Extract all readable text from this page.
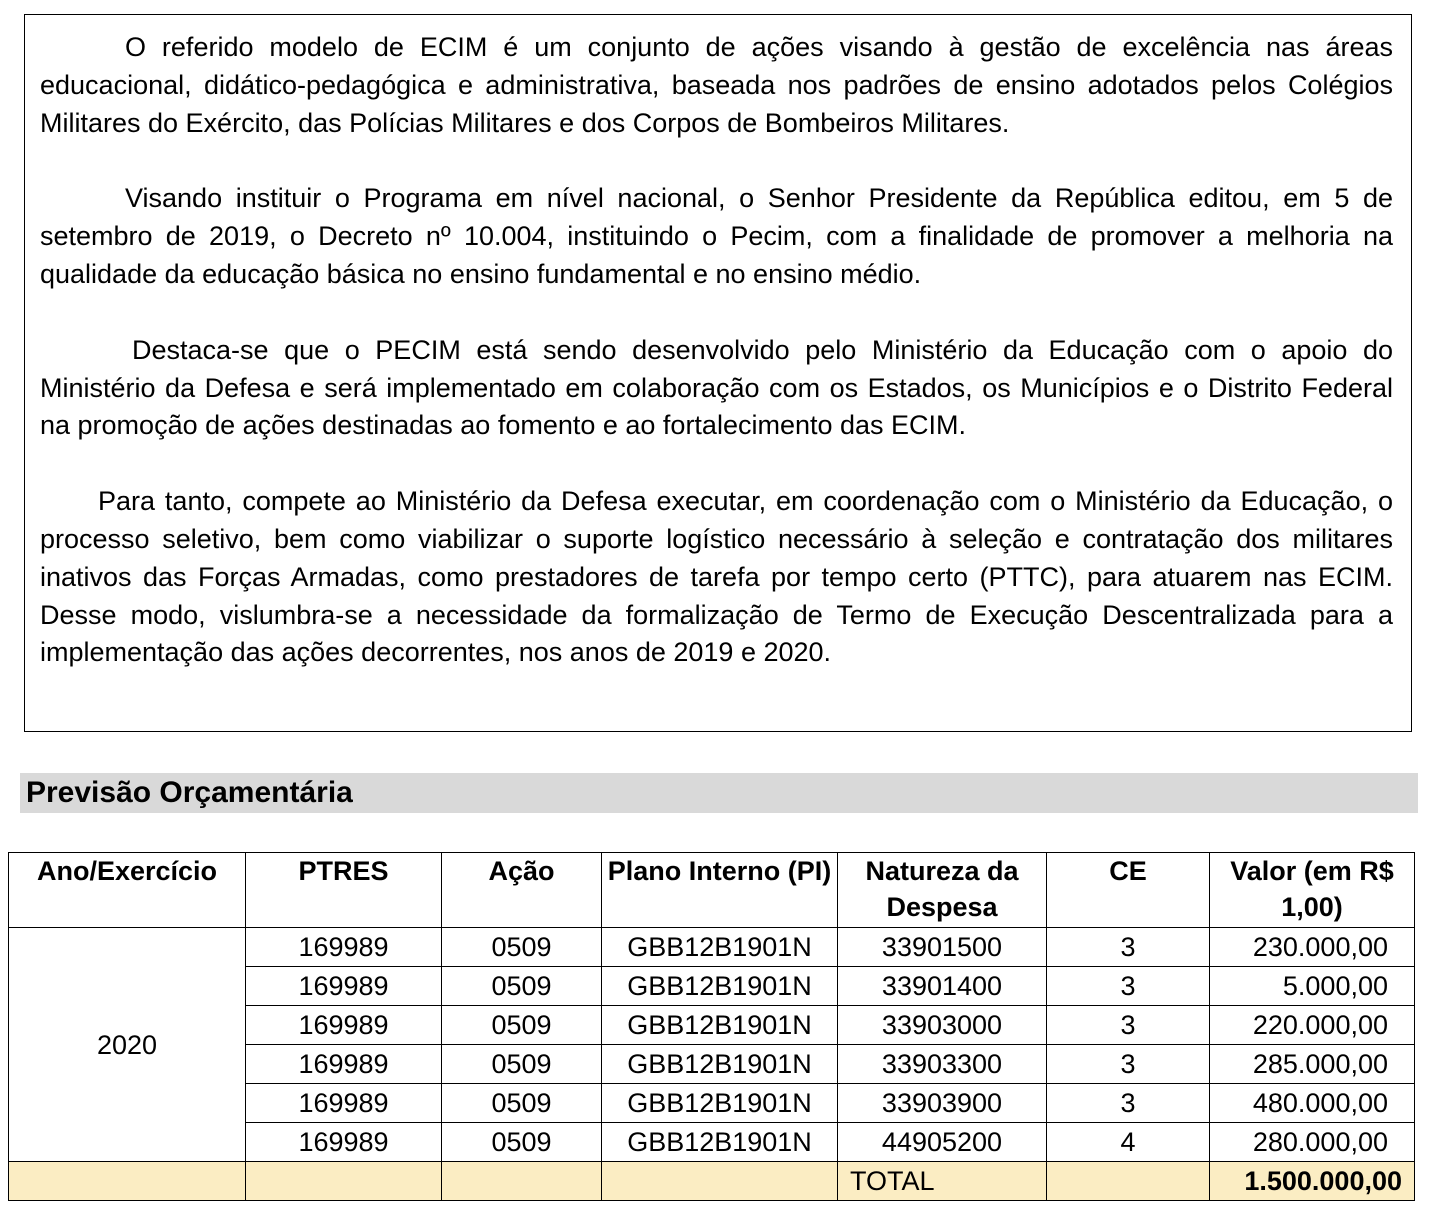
O referido modelo de ECIM é um conjunto de ações visando à gestão de excelência nas áreas educacional, didático-pedagógica e administrativa, baseada nos padrões de ensino adotados pelos Colégios Militares do Exército, das Polícias Militares e dos Corpos de Bombeiros Militares.

Visando instituir o Programa em nível nacional, o Senhor Presidente da República editou, em 5 de setembro de 2019, o Decreto nº 10.004, instituindo o Pecim, com a finalidade de promover a melhoria na qualidade da educação básica no ensino fundamental e no ensino médio.

Destaca-se que o PECIM está sendo desenvolvido pelo Ministério da Educação com o apoio do Ministério da Defesa e será implementado em colaboração com os Estados, os Municípios e o Distrito Federal na promoção de ações destinadas ao fomento e ao fortalecimento das ECIM.

Para tanto, compete ao Ministério da Defesa executar, em coordenação com o Ministério da Educação, o processo seletivo, bem como viabilizar o suporte logístico necessário à seleção e contratação dos militares inativos das Forças Armadas, como prestadores de tarefa por tempo certo (PTTC), para atuarem nas ECIM. Desse modo, vislumbra-se a necessidade da formalização de Termo de Execução Descentralizada para a implementação das ações decorrentes, nos anos de 2019 e 2020.

Previsão Orçamentária
Ano/Exercício	PTRES	Ação	Plano Interno (PI)	Natureza da Despesa	CE	Valor (em R$ 1,00)
2020	169989	0509	GBB12B1901N	33901500	3	230.000,00
	169989	0509	GBB12B1901N	33901400	3	5.000,00
	169989	0509	GBB12B1901N	33903000	3	220.000,00
	169989	0509	GBB12B1901N	33903300	3	285.000,00
	169989	0509	GBB12B1901N	33903900	3	480.000,00
	169989	0509	GBB12B1901N	44905200	4	280.000,00
				TOTAL		1.500.000,00
